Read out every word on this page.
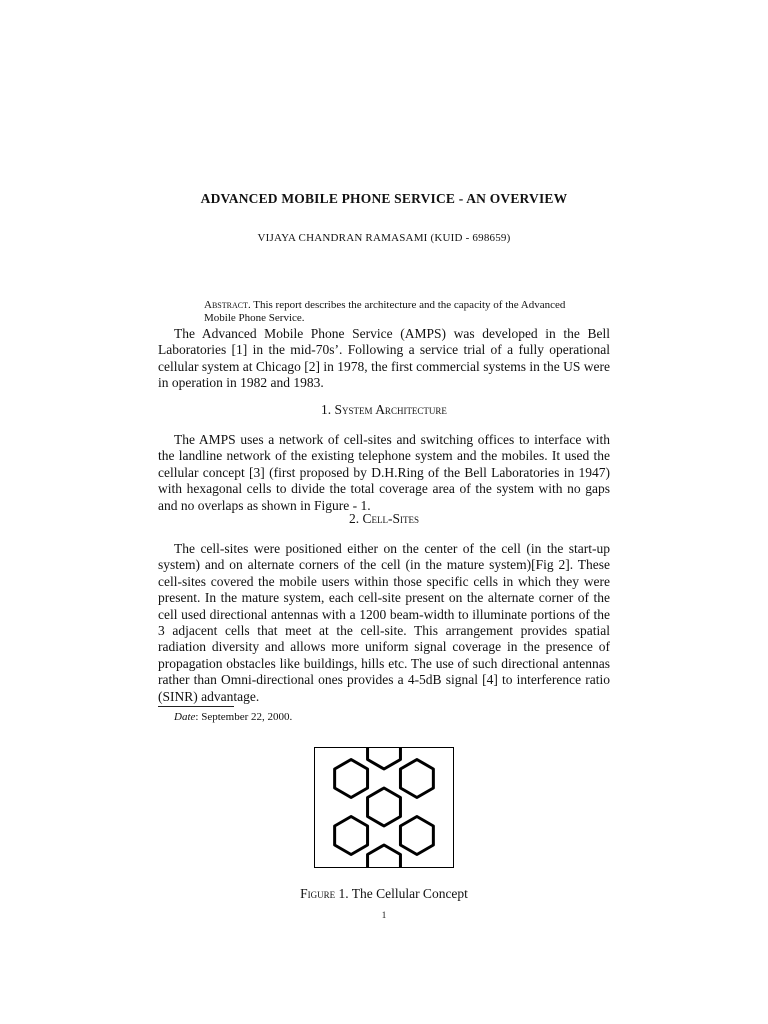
ADVANCED MOBILE PHONE SERVICE - AN OVERVIEW
VIJAYA CHANDRAN RAMASAMI (KUID - 698659)
Abstract. This report describes the architecture and the capacity of the Advanced Mobile Phone Service.

The Advanced Mobile Phone Service (AMPS) was developed in the Bell Laboratories [1] in the mid-70s’. Following a service trial of a fully operational cellular system at Chicago [2] in 1978, the first commercial systems in the US were in operation in 1982 and 1983.

1. System Architecture

The AMPS uses a network of cell-sites and switching offices to interface with the landline network of the existing telephone system and the mobiles. It used the cellular concept [3] (first proposed by D.H.Ring of the Bell Laboratories in 1947) with hexagonal cells to divide the total coverage area of the system with no gaps and no overlaps as shown in Figure - 1.

2. Cell-Sites

The cell-sites were positioned either on the center of the cell (in the start-up system) and on alternate corners of the cell (in the mature system)[Fig 2]. These cell-sites covered the mobile users within those specific cells in which they were present. In the mature system, each cell-site present on the alternate corner of the cell used directional antennas with a 1200 beam-width to illuminate portions of the 3 adjacent cells that meet at the cell-site. This arrangement provides spatial radiation diversity and allows more uniform signal coverage in the presence of propagation obstacles like buildings, hills etc. The use of such directional antennas rather than Omni-directional ones provides a 4-5dB signal [4] to interference ratio (SINR) advantage.

Date: September 22, 2000.
Figure 1. The Cellular Concept
1
